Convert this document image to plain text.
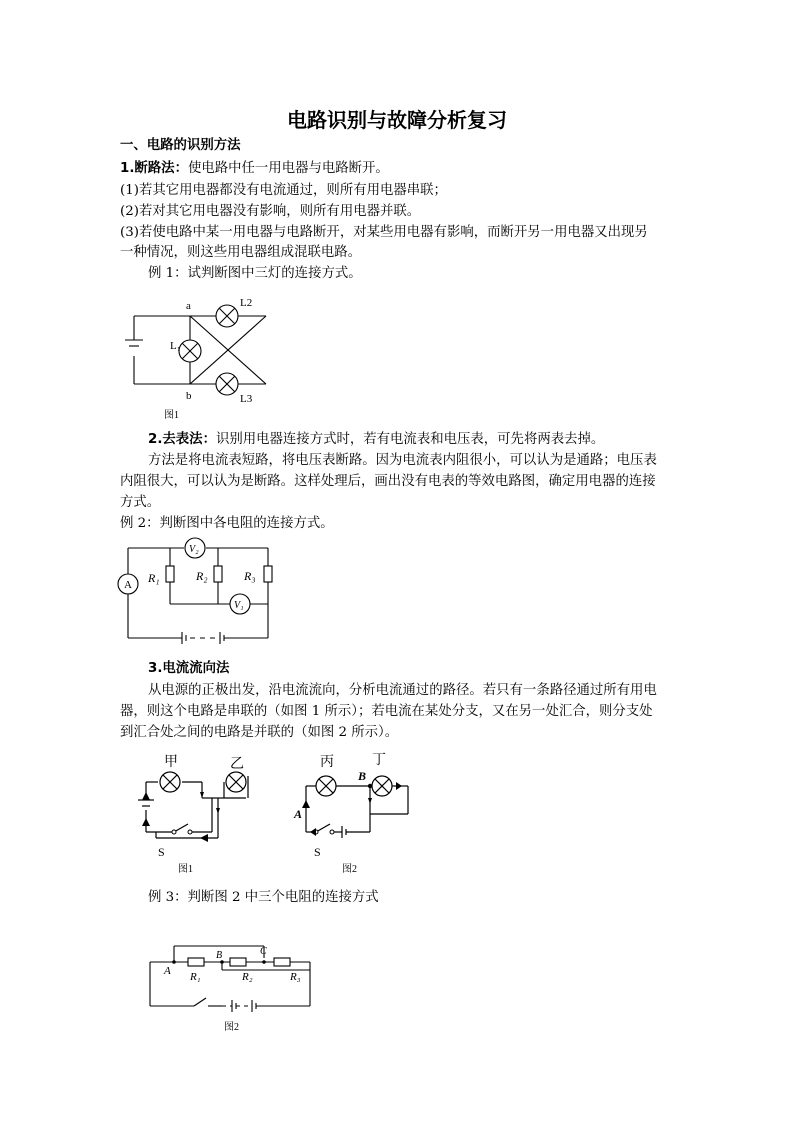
电路识别与故障分析复习
一、电路的识别方法
1.断路法：使电路中任一用电器与电路断开。
(1)若其它用电器都没有电流通过，则所有用电器串联；
(2)若对其它用电器没有影响，则所有用电器并联。
(3)若使电路中某一用电器与电路断开，对某些用电器有影响，而断开另一用电器又出现另
一种情况，则这些用电器组成混联电路。
例 1：试判断图中三灯的连接方式。
a
b
L₁
L2
L3
图1
2.去表法：识别用电器连接方式时，若有电流表和电压表，可先将两表去掉。
方法是将电流表短路，将电压表断路。因为电流表内阻很小，可以认为是通路；电压表
内阻很大，可以认为是断路。这样处理后，画出没有电表的等效电路图，确定用电器的连接
方式。
例 2：判断图中各电阻的连接方式。
A
V₂
V₁
R₁	R₂	R₃
3.电流流向法
从电源的正极出发，沿电流流向，分析电流通过的路径。若只有一条路径通过所有用电
器，则这个电路是串联的（如图 1 所示）；若电流在某处分支，又在另一处汇合，则分支处
到汇合处之间的电路是并联的（如图 2 所示）。
甲	乙
S
图1
丙	丁
A
B
S
图2
例 3：判断图 2 中三个电阻的连接方式
A
B	C
R₁	R₂	R₃
图2
